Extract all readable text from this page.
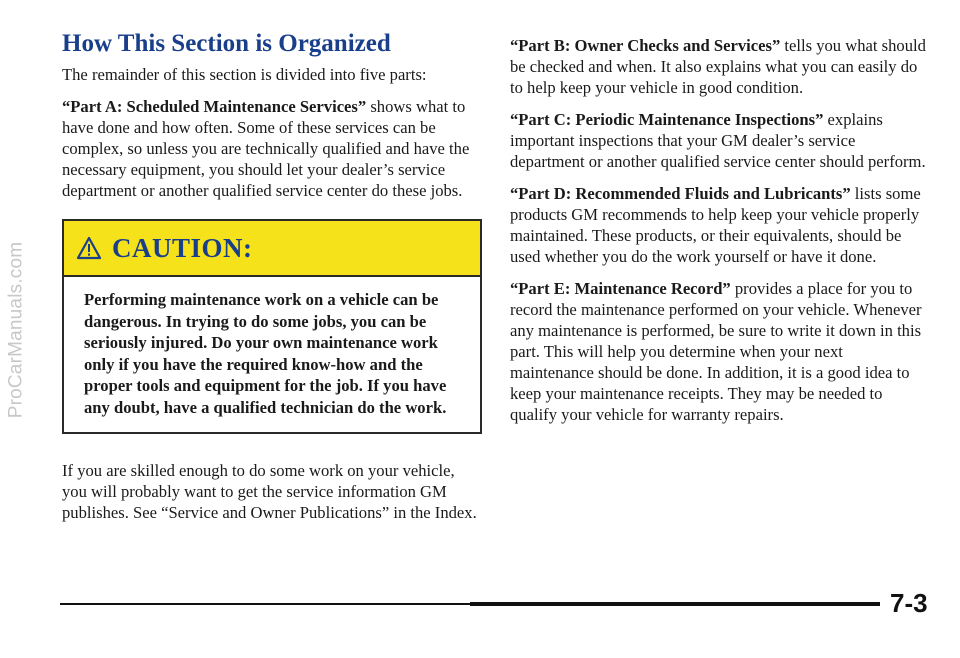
ProCarManuals.com
How This Section is Organized

The remainder of this section is divided into five parts:

“Part A: Scheduled Maintenance Services” shows what to have done and how often. Some of these services can be complex, so unless you are technically qualified and have the necessary equipment, you should let your dealer’s service department or another qualified service center do these jobs.

CAUTION:

Performing maintenance work on a vehicle can be dangerous. In trying to do some jobs, you can be seriously injured. Do your own maintenance work only if you have the required know-how and the proper tools and equipment for the job. If you have any doubt, have a qualified technician do the work.

If you are skilled enough to do some work on your vehicle, you will probably want to get the service information GM publishes. See “Service and Owner Publications” in the Index.

“Part B: Owner Checks and Services” tells you what should be checked and when. It also explains what you can easily do to help keep your vehicle in good condition.

“Part C: Periodic Maintenance Inspections” explains important inspections that your GM dealer’s service department or another qualified service center should perform.

“Part D: Recommended Fluids and Lubricants” lists some products GM recommends to help keep your vehicle properly maintained. These products, or their equivalents, should be used whether you do the work yourself or have it done.

“Part E: Maintenance Record” provides a place for you to record the maintenance performed on your vehicle. Whenever any maintenance is performed, be sure to write it down in this part. This will help you determine when your next maintenance should be done. In addition, it is a good idea to keep your maintenance receipts. They may be needed to qualify your vehicle for warranty repairs.

7-3
